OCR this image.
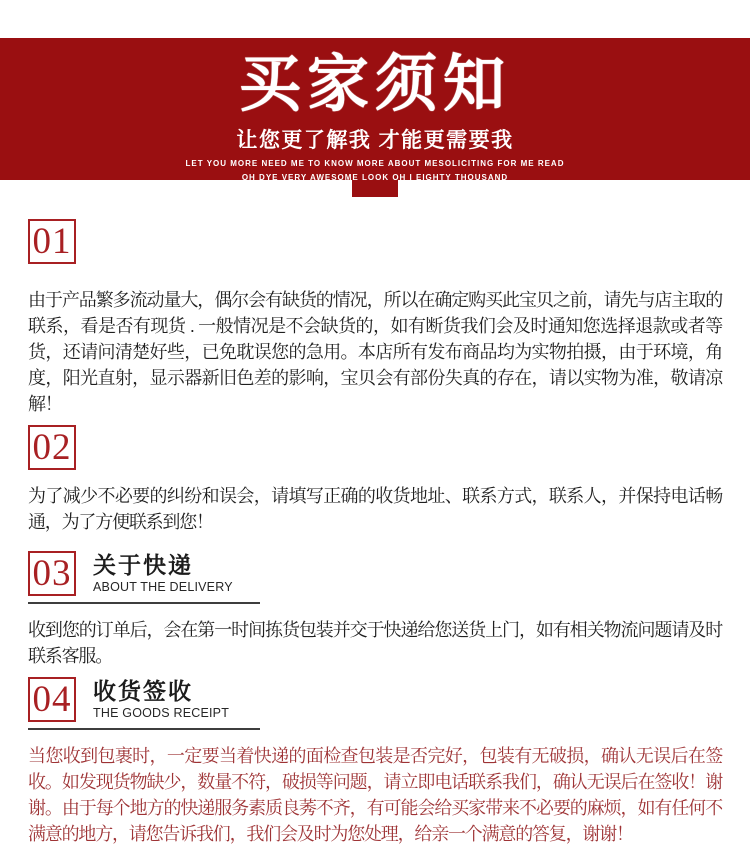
买家须知
让您更了解我 才能更需要我
LET YOU MORE NEED ME TO KNOW MORE ABOUT MESOLICITING FOR ME READ
OH DYE VERY AWESOME LOOK OH I EIGHTY THOUSAND
01

由于产品繁多流动量大，偶尔会有缺货的情况，所以在确定购买此宝贝之前，请先与店主取的联系，看是否有现货 . 一般情况是不会缺货的，如有断货我们会及时通知您选择退款或者等货，还请问清楚好些，已免耽误您的急用。本店所有发布商品均为实物拍摄，由于环境，角度，阳光直射，显示器新旧色差的影响，宝贝会有部份失真的存在，请以实物为准，敬请凉解！

02

为了减少不必要的纠纷和误会，请填写正确的收货地址、联系方式，联系人，并保持电话畅通，为了方便联系到您！

03 关于快递
ABOUT THE DELIVERY

收到您的订单后，会在第一时间拣货包装并交于快递给您送货上门，如有相关物流问题请及时联系客服。

04 收货签收
THE GOODS RECEIPT

当您收到包裹时，一定要当着快递的面检查包装是否完好，包装有无破损，确认无误后在签收。如发现货物缺少，数量不符，破损等问题，请立即电话联系我们，确认无误后在签收！谢谢。由于每个地方的快递服务素质良莠不齐，有可能会给买家带来不必要的麻烦，如有任何不满意的地方，请您告诉我们，我们会及时为您处理，给亲一个满意的答复，谢谢！
